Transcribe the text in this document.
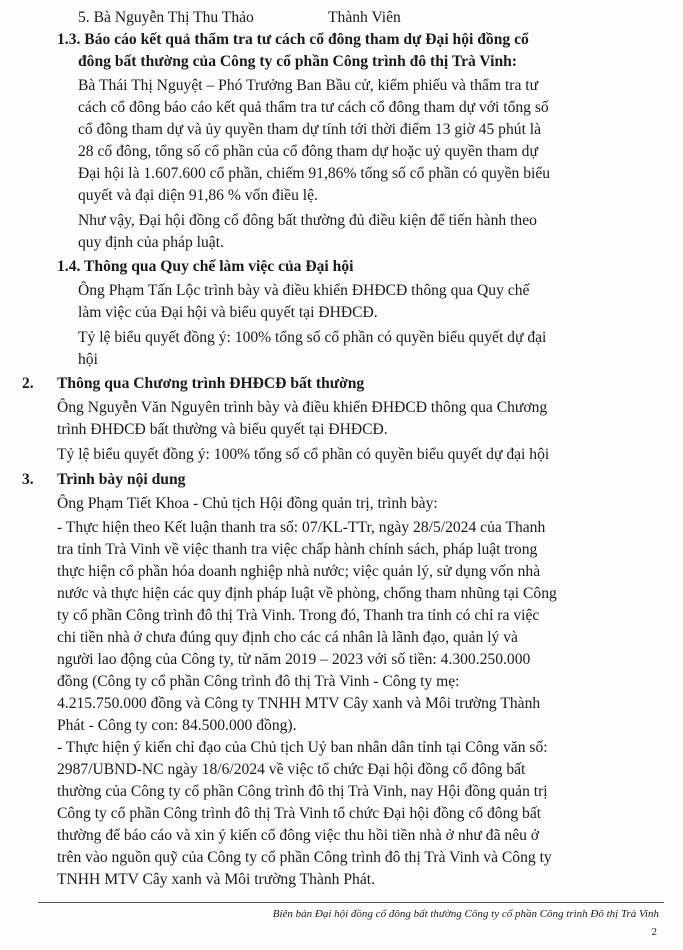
5. Bà Nguyễn Thị Thu Thảo	Thành Viên
1.3. Báo cáo kết quả thẩm tra tư cách cổ đông tham dự Đại hội đồng cổ
đông bất thường của Công ty cổ phần Công trình đô thị Trà Vinh:
Bà Thái Thị Nguyệt – Phó Trưởng Ban Bầu cử, kiểm phiếu và thẩm tra tư
cách cổ đông báo cáo kết quả thẩm tra tư cách cổ đông tham dự với tổng số
cổ đông tham dự và ủy quyền tham dự tính tới thời điểm 13 giờ 45 phút là
28 cổ đông, tổng số cổ phần của cổ đông tham dự hoặc uỷ quyền tham dự
Đại hội là 1.607.600 cổ phần, chiếm 91,86% tổng số cổ phần có quyền biểu
quyết và đại diện 91,86 % vốn điều lệ.
Như vậy, Đại hội đồng cổ đông bất thường đủ điều kiện để tiến hành theo
quy định của pháp luật.
1.4. Thông qua Quy chế làm việc của Đại hội
Ông Phạm Tấn Lộc trình bày và điều khiển ĐHĐCĐ thông qua Quy chế
làm việc của Đại hội và biểu quyết tại ĐHĐCĐ.
Tỷ lệ biểu quyết đồng ý: 100% tổng số cổ phần có quyền biểu quyết dự đại
hội
2. Thông qua Chương trình ĐHĐCĐ bất thường
Ông Nguyễn Văn Nguyên trình bày và điều khiển ĐHĐCĐ thông qua Chương
trình ĐHĐCĐ bất thường và biểu quyết tại ĐHĐCĐ.
Tỷ lệ biểu quyết đồng ý: 100% tổng số cổ phần có quyền biểu quyết dự đại hội
3. Trình bày nội dung
Ông Phạm Tiết Khoa - Chủ tịch Hội đồng quản trị, trình bày:
- Thực hiện theo Kết luận thanh tra số: 07/KL-TTr, ngày 28/5/2024 của Thanh
tra tỉnh Trà Vinh về việc thanh tra việc chấp hành chính sách, pháp luật trong
thực hiện cổ phần hóa doanh nghiệp nhà nước; việc quản lý, sử dụng vốn nhà
nước và thực hiện các quy định pháp luật về phòng, chống tham nhũng tại Công
ty cổ phần Công trình đô thị Trà Vinh. Trong đó, Thanh tra tỉnh có chỉ ra việc
chi tiền nhà ở chưa đúng quy định cho các cá nhân là lãnh đạo, quản lý và
người lao động của Công ty, từ năm 2019 – 2023 với số tiền: 4.300.250.000
đồng (Công ty cổ phần Công trình đô thị Trà Vinh - Công ty mẹ:
4.215.750.000 đồng và Công ty TNHH MTV Cây xanh và Môi trường Thành
Phát - Công ty con: 84.500.000 đồng).
- Thực hiện ý kiến chỉ đạo của Chủ tịch Uỷ ban nhân dân tỉnh tại Công văn số:
2987/UBND-NC ngày 18/6/2024 về việc tổ chức Đại hội đồng cổ đông bất
thường của Công ty cổ phần Công trình đô thị Trà Vinh, nay Hội đồng quản trị
Công ty cổ phần Công trình đô thị Trà Vinh tổ chức Đại hội đồng cổ đông bất
thường để báo cáo và xin ý kiến cổ đông việc thu hồi tiền nhà ở như đã nêu ở
trên vào nguồn quỹ của Công ty cổ phần Công trình đô thị Trà Vinh và Công ty
TNHH MTV Cây xanh và Môi trường Thành Phát.
Biên bản Đại hội đồng cổ đông bất thường Công ty cổ phần Công trình Đô thị Trà Vinh
2
